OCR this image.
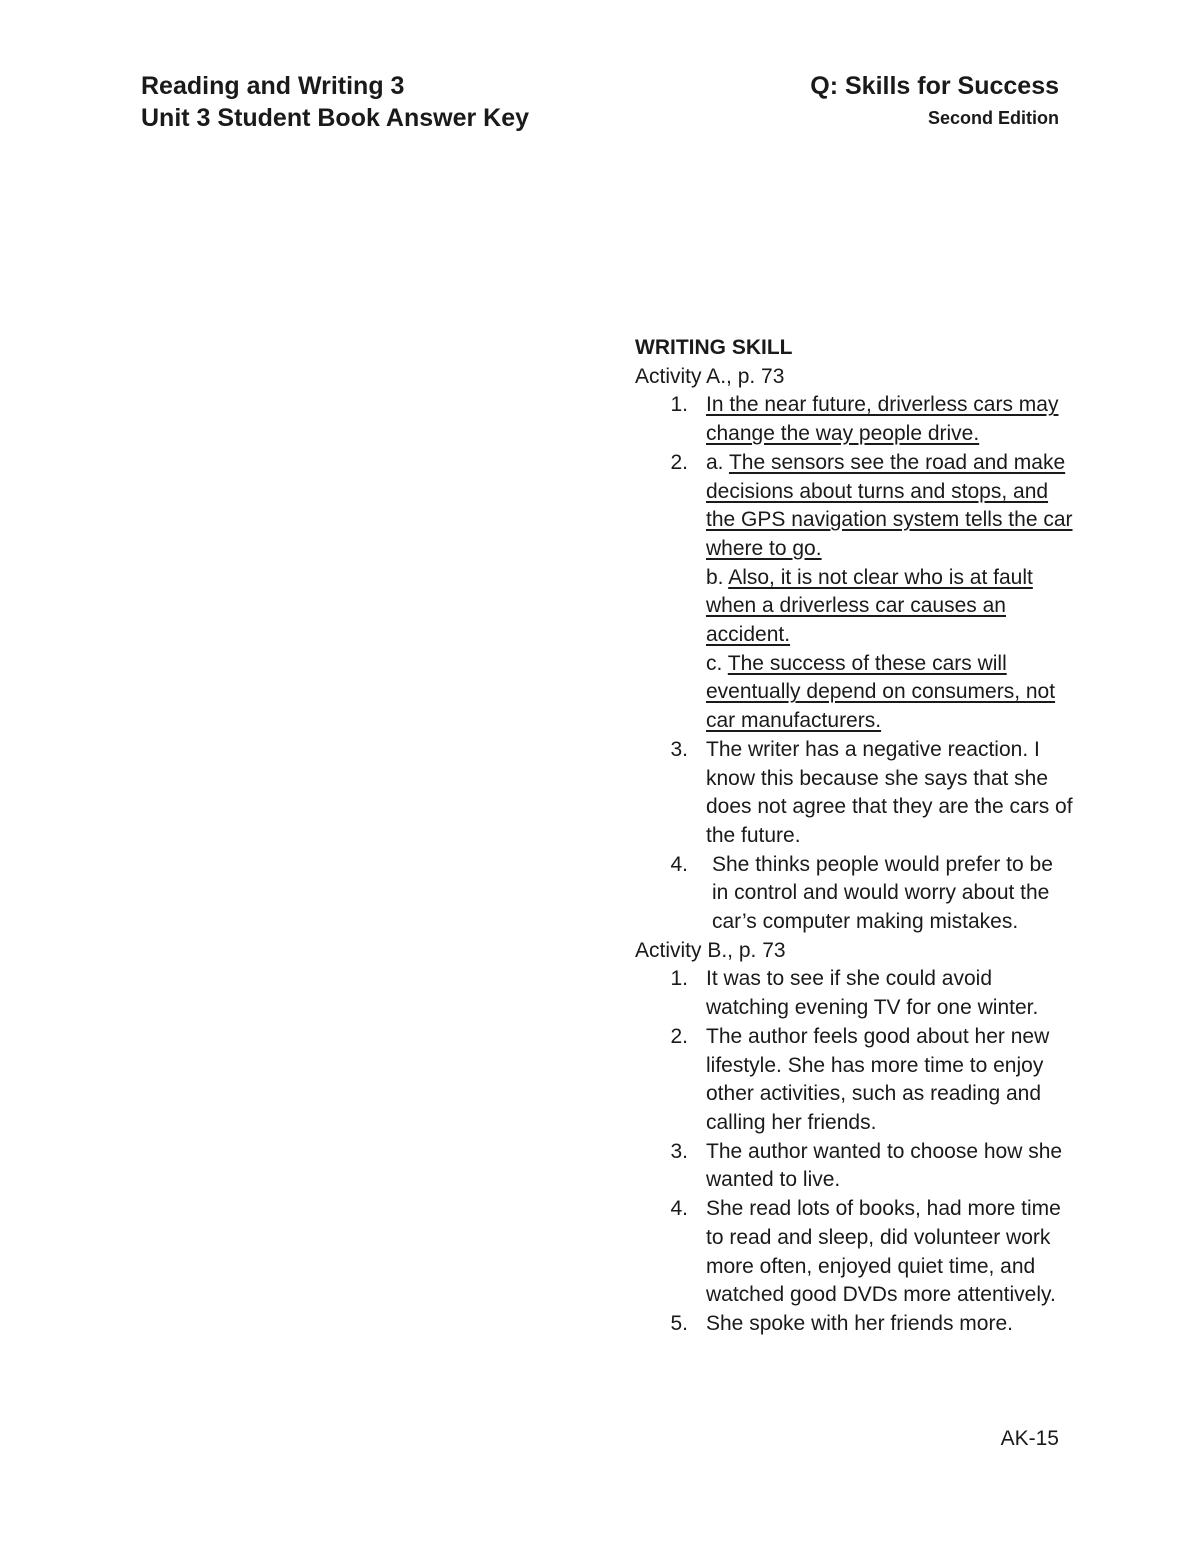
Reading and Writing 3
Unit 3 Student Book Answer Key
Q: Skills for Success
Second Edition
WRITING SKILL
Activity A., p. 73
1. In the near future, driverless cars may change the way people drive.
2. a. The sensors see the road and make decisions about turns and stops, and the GPS navigation system tells the car where to go.
b. Also, it is not clear who is at fault when a driverless car causes an accident.
c. The success of these cars will eventually depend on consumers, not car manufacturers.
3. The writer has a negative reaction. I know this because she says that she does not agree that they are the cars of the future.
4.	She thinks people would prefer to be in control and would worry about the car’s computer making mistakes.
Activity B., p. 73
1. It was to see if she could avoid watching evening TV for one winter.
2. The author feels good about her new lifestyle. She has more time to enjoy other activities, such as reading and calling her friends.
3. The author wanted to choose how she wanted to live.
4. She read lots of books, had more time to read and sleep, did volunteer work more often, enjoyed quiet time, and watched good DVDs more attentively.
5. She spoke with her friends more.
AK-15
